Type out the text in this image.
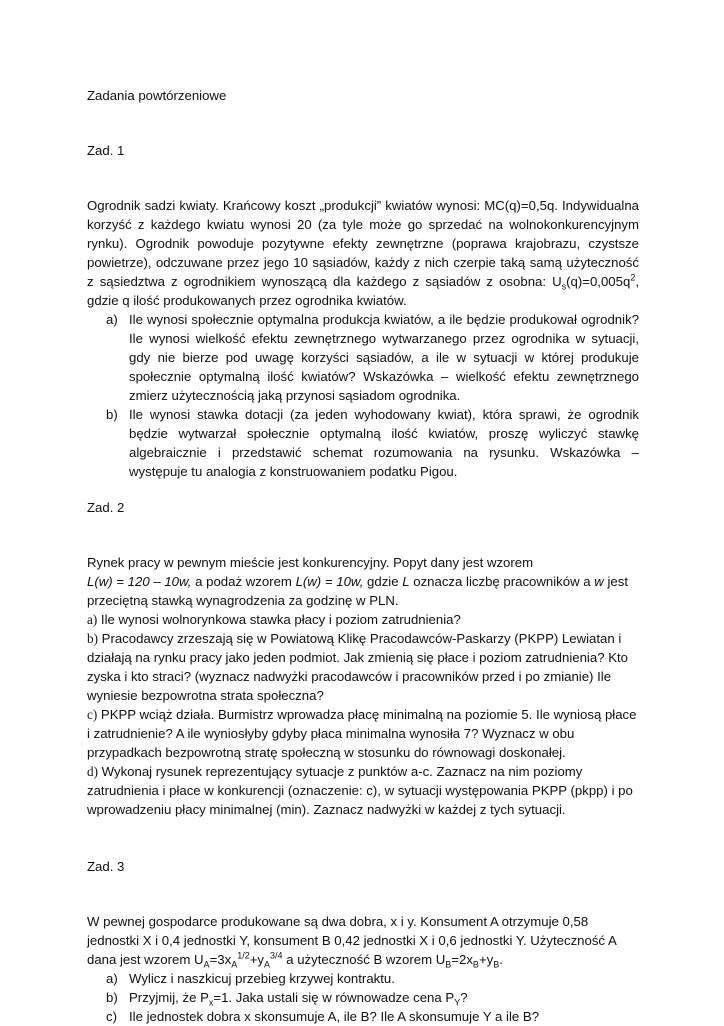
Zadania powtórzeniowe

Zad. 1

Ogrodnik sadzi kwiaty. Krańcowy koszt „produkcji” kwiatów wynosi: MC(q)=0,5q. Indywidualna korzyść z każdego kwiatu wynosi 20 (za tyle może go sprzedać na wolnokonkurencyjnym rynku). Ogrodnik powoduje pozytywne efekty zewnętrzne (poprawa krajobrazu, czystsze powietrze), odczuwane przez jego 10 sąsiadów, każdy z nich czerpie taką samą użyteczność z sąsiedztwa z ogrodnikiem wynoszącą dla każdego z sąsiadów z osobna: $U_s(q)=0,005q^2$, gdzie q ilość produkowanych przez ogrodnika kwiatów.

a) Ile wynosi społecznie optymalna produkcja kwiatów, a ile będzie produkował ogrodnik? Ile wynosi wielkość efektu zewnętrznego wytwarzanego przez ogrodnika w sytuacji, gdy nie bierze pod uwagę korzyści sąsiadów, a ile w sytuacji w której produkuje społecznie optymalną ilość kwiatów? Wskazówka – wielkość efektu zewnętrznego zmierz użytecznością jaką przynosi sąsiadom ogrodnika.
b) Ile wynosi stawka dotacji (za jeden wyhodowany kwiat), która sprawi, że ogrodnik będzie wytwarzał społecznie optymalną ilość kwiatów, proszę wyliczyć stawkę algebraicznie i przedstawić schemat rozumowania na rysunku. Wskazówka – występuje tu analogia z konstruowaniem podatku Pigou.

Zad. 2

Rynek pracy w pewnym mieście jest konkurencyjny. Popyt dany jest wzorem
L(w) = 120 – 10w, a podaż wzorem L(w) = 10w, gdzie L oznacza liczbę pracowników a w jest przeciętną stawką wynagrodzenia za godzinę w PLN.

a) Ile wynosi wolnorynkowa stawka płacy i poziom zatrudnienia?

b) Pracodawcy zrzeszają się w Powiatową Klikę Pracodawców-Paskarzy (PKPP) Lewiatan i działają na rynku pracy jako jeden podmiot. Jak zmienią się płace i poziom zatrudnienia? Kto zyska i kto straci? (wyznacz nadwyżki pracodawców i pracowników przed i po zmianie) Ile wyniesie bezpowrotna strata społeczna?

c) PKPP wciąż działa. Burmistrz wprowadza płacę minimalną na poziomie 5. Ile wyniosą płace i zatrudnienie? A ile wyniosłyby gdyby płaca minimalna wynosiła 7? Wyznacz w obu przypadkach bezpowrotną stratę społeczną w stosunku do równowagi doskonałej.

d) Wykonaj rysunek reprezentujący sytuacje z punktów a-c. Zaznacz na nim poziomy zatrudnienia i płace w konkurencji (oznaczenie: c), w sytuacji występowania PKPP (pkpp) i po wprowadzeniu płacy minimalnej (min). Zaznacz nadwyżki w każdej z tych sytuacji.

Zad. 3

W pewnej gospodarce produkowane są dwa dobra, x i y. Konsument A otrzymuje 0,58 jednostki X i 0,4 jednostki Y, konsument B 0,42 jednostki X i 0,6 jednostki Y. Użyteczność A dana jest wzorem $U_A=3x_A^{1/2}+y_A^{3/4}$ a użyteczność B wzorem $U_B=2x_B+y_B$.

a) Wylicz i naszkicuj przebieg krzywej kontraktu.
b) Przyjmij, że $P_x=1$. Jaka ustali się w równowadze cena $P_Y$?
c) Ile jednostek dobra x skonsumuje A, ile B? Ile A skonsumuje Y a ile B?
